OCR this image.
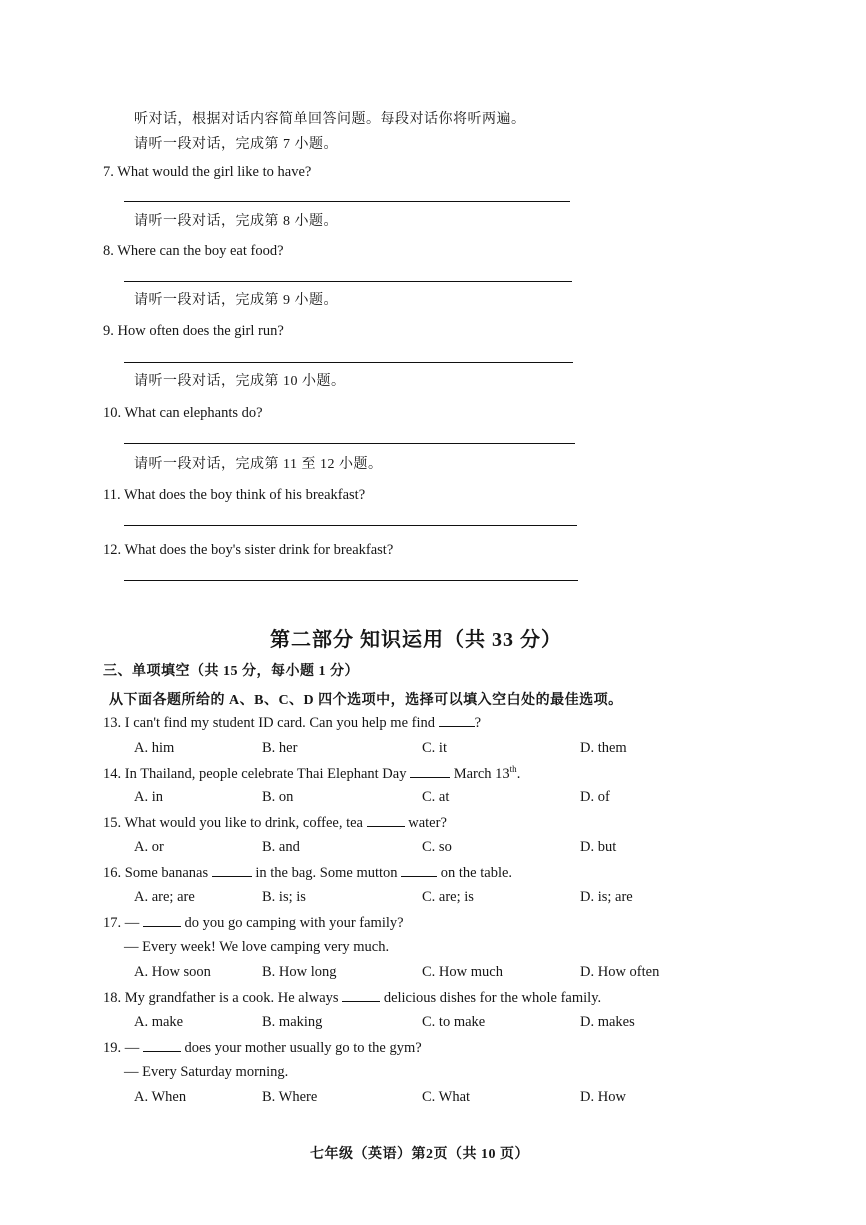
听对话，根据对话内容简单回答问题。每段对话你将听两遍。
请听一段对话，完成第 7 小题。
7. What would the girl like to have?
请听一段对话，完成第 8 小题。
8. Where can the boy eat food?
请听一段对话，完成第 9 小题。
9. How often does the girl run?
请听一段对话，完成第 10 小题。
10. What can elephants do?
请听一段对话，完成第 11 至 12 小题。
11. What does the boy think of his breakfast?
12. What does the boy's sister drink for breakfast?
第二部分 知识运用（共 33 分）
三、单项填空（共 15 分，每小题 1 分）
从下面各题所给的 A、B、C、D 四个选项中，选择可以填入空白处的最佳选项。
13. I can't find my student ID card. Can you help me find	?
A. him	B. her	C. it	D. them
14. In Thailand, people celebrate Thai Elephant Day	March 13th.
A. in	B. on	C. at	D. of
15. What would you like to drink, coffee, tea	water?
A. or	B. and	C. so	D. but
16. Some bananas	in the bag. Some mutton	on the table.
A. are; are	B. is; is	C. are; is	D. is; are
17. —	do you go camping with your family?
— Every week! We love camping very much.
A. How soon	B. How long	C. How much	D. How often
18. My grandfather is a cook. He always	delicious dishes for the whole family.
A. make	B. making	C. to make	D. makes
19. —	does your mother usually go to the gym?
— Every Saturday morning.
A. When	B. Where	C. What	D. How
七年级（英语）第2页（共 10 页）
